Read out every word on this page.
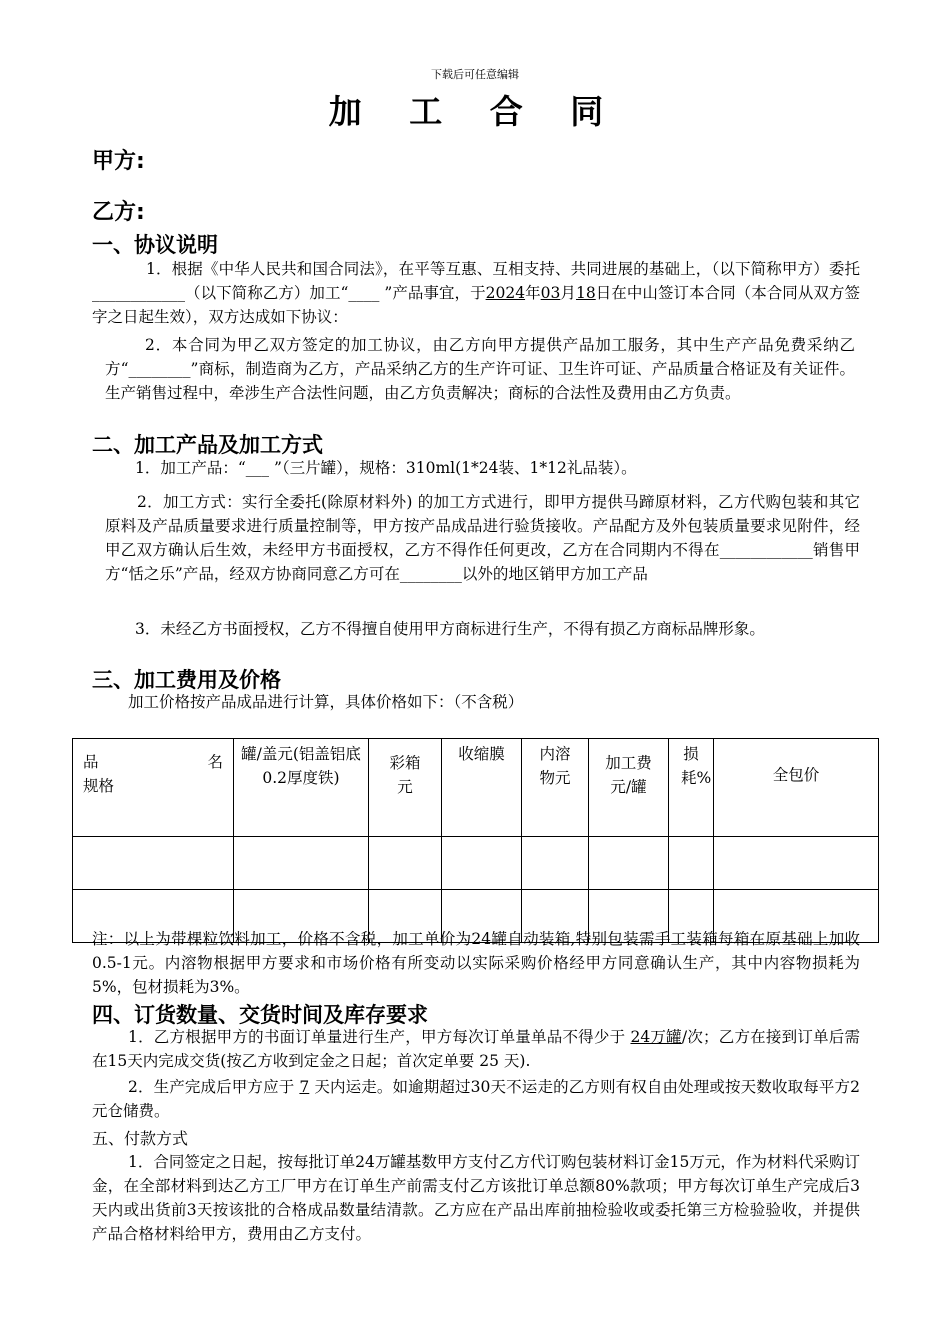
下载后可任意编辑
加 工 合 同
甲方:
乙方:
一、协议说明
1．根据《中华人民共和国合同法》，在平等互惠、互相支持、共同进展的基础上，（以下简称甲方）委托____________（以下简称乙方）加工“____ ”产品事宜，于2024年03月18日在中山签订本合同（本合同从双方签字之日起生效），双方达成如下协议：
2．本合同为甲乙双方签定的加工协议，由乙方向甲方提供产品加工服务，其中生产产品免费采纳乙方“________”商标，制造商为乙方，产品采纳乙方的生产许可证、卫生许可证、产品质量合格证及有关证件。生产销售过程中，牵涉生产合法性问题，由乙方负责解决；商标的合法性及费用由乙方负责。
二、加工产品及加工方式
1．加工产品：“___ ”（三片罐），规格：310ml(1*24装、1*12礼品装）。
2．加工方式：实行全委托(除原材料外) 的加工方式进行，即甲方提供马蹄原材料，乙方代购包装和其它原料及产品质量要求进行质量控制等，甲方按产品成品进行验货接收。产品配方及外包装质量要求见附件，经甲乙双方确认后生效，未经甲方书面授权，乙方不得作任何更改，乙方在合同期内不得在____________销售甲方“恬之乐”产品，经双方协商同意乙方可在________以外的地区销甲方加工产品
3．未经乙方书面授权，乙方不得擅自使用甲方商标进行生产，不得有损乙方商标品牌形象。
三、加工费用及价格
加工价格按产品成品进行计算，具体价格如下：（不含税）
品 名
规格	罐/盖元(铝盖铝底0.2厚度铁)	彩箱元	收缩膜	内溶物元	加工费元/罐	损耗%	全包价

注：以上为带棵粒饮料加工，价格不含税，加工单价为24罐自动装箱,特别包装需手工装箱每箱在原基础上加收0.5-1元。内溶物根据甲方要求和市场价格有所变动以实际采购价格经甲方同意确认生产，其中内容物损耗为5%，包材损耗为3%。
四、订货数量、交货时间及库存要求
1．乙方根据甲方的书面订单量进行生产，甲方每次订单量单品不得少于 24万罐/次；乙方在接到订单后需在15天内完成交货(按乙方收到定金之日起；首次定单要 25 天).
2．生产完成后甲方应于 7 天内运走。如逾期超过30天不运走的乙方则有权自由处理或按天数收取每平方2元仓储费。
五、付款方式
1．合同签定之日起，按每批订单24万罐基数甲方支付乙方代订购包装材料订金15万元，作为材料代采购订金，在全部材料到达乙方工厂甲方在订单生产前需支付乙方该批订单总额80%款项；甲方每次订单生产完成后3天内或出货前3天按该批的合格成品数量结清款。乙方应在产品出库前抽检验收或委托第三方检验验收，并提供产品合格材料给甲方，费用由乙方支付。
